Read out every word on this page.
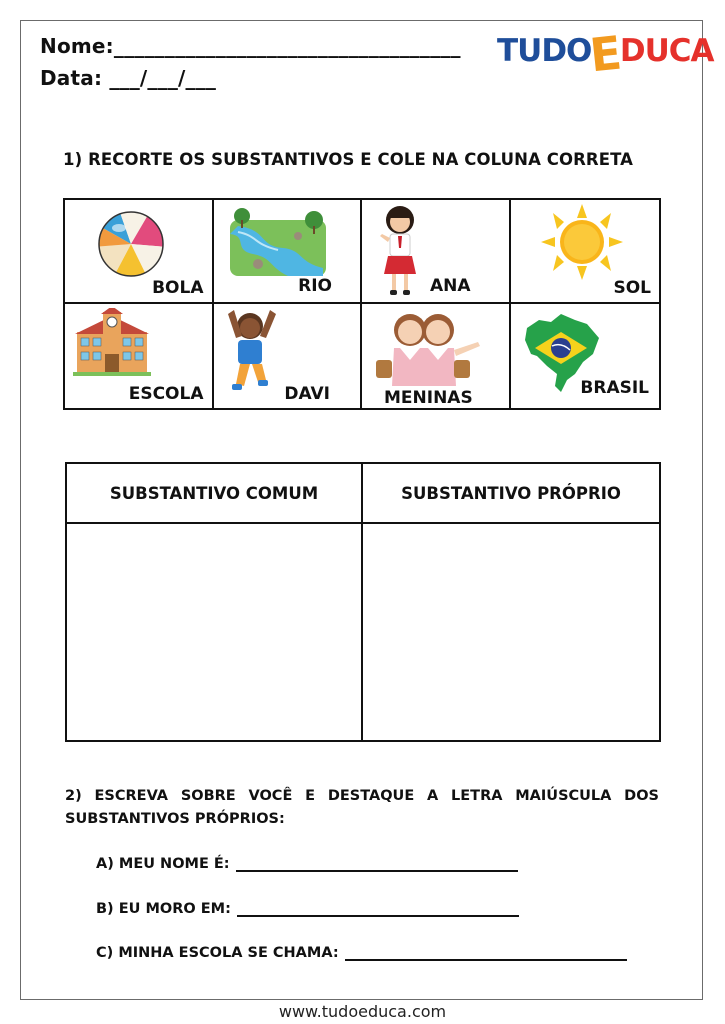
Nome:__________________________________
Data: ___/___/___
TUDO
E
DUCA
1) RECORTE OS SUBSTANTIVOS E COLE NA COLUNA CORRETA
BOLA	RIO	ANA	SOL
ESCOLA	DAVI	MENINAS	BRASIL
SUBSTANTIVO COMUM	SUBSTANTIVO PRÓPRIO
2) ESCREVA SOBRE VOCÊ E DESTAQUE A LETRA MAIÚSCULA DOS SUBSTANTIVOS PRÓPRIOS:
A) MEU NOME É:
B) EU MORO EM:
C) MINHA ESCOLA SE CHAMA:
www.tudoeduca.com
